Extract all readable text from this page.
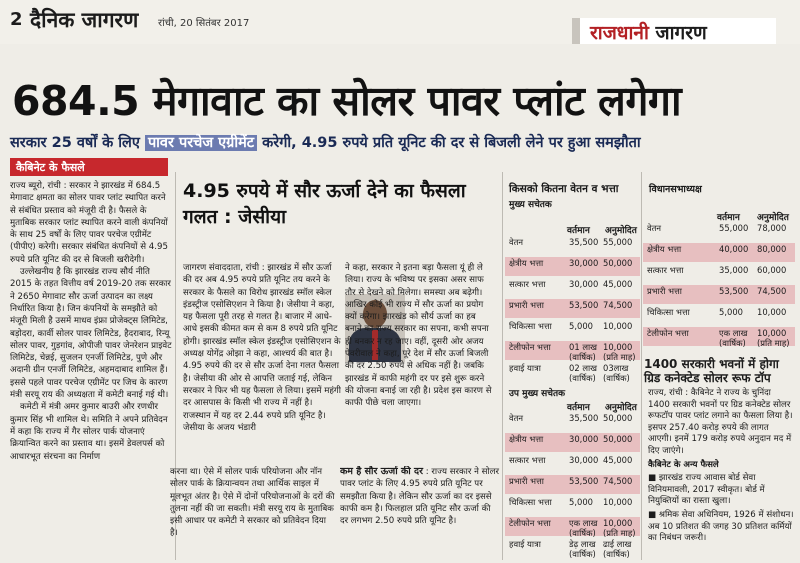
2 दैनिक जागरण रांची, 20 सितंबर 2017	राजधानी जागरण
684.5 मेगावाट का सोलर पावर प्लांट लगेगा
सरकार 25 वर्षों के लिए पावर परचेज एग्रीमेंट करेगी, 4.95 रुपये प्रति यूनिट की दर से बिजली लेने पर हुआ समझौता
कैबिनेट के फैसले

राज्य ब्यूरो, रांची : सरकार ने झारखंड में 684.5 मेगावाट क्षमता का सोलर पावर प्लांट स्थापित करने से संबंधित प्रस्ताव को मंजूरी दी है। फैसले के मुताबिक सरकार प्लांट स्थापित करने वाली कंपनियों के साथ 25 वर्षों के लिए पावर परचेज एग्रीमेंट (पीपीए) करेगी। सरकार संबंधित कंपनियों से 4.95 रुपये प्रति यूनिट की दर से बिजली खरीदेगी।

उल्लेखनीय है कि झारखंड राज्य सौर्य नीति 2015 के तहत वित्तीय वर्ष 2019-20 तक सरकार ने 2650 मेगावाट सौर ऊर्जा उत्पादन का लक्ष्य निर्धारित किया है। जिन कंपनियों के समझौते को मंजूरी मिली है उसमें माधव इंफ्रा प्रोजेक्ट्स लिमिटेड, बड़ोदरा, कार्वी सोलर पावर लिमिटेड, हैदराबाद, रिन्यू सोलर पावर, गुड़गांव, ओपीजी पावर जेनरेशन प्राइवेट लिमिटेड, चेन्नई, सुजलन एनर्जी लिमिटेड, पुणे और अदानी ग्रीन एनर्जी लिमिटेड, अहमदाबाद शामिल हैं। इससे पहले पावर परचेज एग्रीमेंट पर जिच के कारण मंत्री सरयू राय की अध्यक्षता में कमेटी बनाई गई थी।

कमेटी में मंत्री अमर कुमार बाउरी और रणधीर कुमार सिंह भी शामिल थे। समिति ने अपने प्रतिवेदन में कहा कि राज्य में गैर सोलर पार्क योजनाएं क्रियान्वित करने का प्रस्ताव था। इसमें डेवलपर्स को आधारभूत संरचना का निर्माण

4.95 रुपये में सौर ऊर्जा देने का फैसला गलत : जेसीया

जागरण संवाददाता, रांची : झारखंड में सौर ऊर्जा की दर अब 4.95 रुपये प्रति यूनिट तय करने के सरकार के फैसले का विरोध झारखंड स्मॉल स्केल इंडस्ट्रीज एसोसिएशन ने किया है। जेसीया ने कहा, यह फैसला पूरी तरह से गलत है। बाजार में आधे-आधे इसकी कीमत कम से कम 8 रुपये प्रति यूनिट होगी। झारखंड स्मॉल स्केल इंडस्ट्रीज एसोसिएशन के अध्यक्ष योगेंद्र ओझा ने कहा, आश्चर्य की बात है। 4.95 रुपये की दर से सौर ऊर्जा देना गलत फैसला है। जेसीया की ओर से आपत्ति जताई गई, लेकिन सरकार ने फिर भी यह फैसला ले लिया। इसमें महंगी दर आसपास के किसी भी राज्य में नहीं है। राजस्थान में यह दर 2.44 रुपये प्रति यूनिट है। जेसीया के अजय भंडारी

ने कहा, सरकार ने इतना बड़ा फैसला यूं ही ले लिया। राज्य के भविष्य पर इसका असर साफ तौर से देखने को मिलेगा। समस्या अब बढ़ेगी। आखिर कोई भी राज्य में सौर ऊर्जा का प्रयोग क्यों करेगा। झारखंड को सौर्य ऊर्जा का हब बनाने का राज्य सरकार का सपना, कभी सपना ही बनकर न रह जाए। वहीं, दूसरी ओर अजय पेवरीवाल ने कहा, पूरे देश में सौर ऊर्जा बिजली की दर 2.50 रुपये से अधिक नहीं है। जबकि झारखंड में काफी महंगी दर पर इसे शुरू करने की योजना बनाई जा रही है। प्रदेश इस कारण से काफी पीछे चला जाएगा।

करना था। ऐसे में सोलर पार्क परियोजना और नॉन सोलर पार्क के क्रियान्वयन तथा आर्थिक साइल में मूलभूत अंतर है। ऐसे में दोनों परियोजनाओं के दरों की तुलना नहीं की जा सकती। मंत्री सरयू राय के मुताबिक इसी आधार पर कमेटी ने सरकार को प्रतिवेदन दिया है।

कम है सौर ऊर्जा की दर : राज्य सरकार ने सोलर पावर प्लांट के लिए 4.95 रुपये प्रति यूनिट पर समझौता किया है। लेकिन सौर ऊर्जा का दर इससे काफी कम है। फिलहाल प्रति यूनिट सौर ऊर्जा की दर लगभग 2.50 रुपये प्रति यूनिट है।

किसको कितना वेतन व भत्ता
मुख्य सचेतक
वर्तमान अनुमोदित
वेतन	35,500 55,000
क्षेत्रीय भत्ता	30,000 50,000
सत्कार भत्ता	30,000 45,000
प्रभारी भत्ता	53,500 74,500
चिकित्सा भत्ता 5,000 10,000
टेलीफोन भत्ता 01 लाख (वार्षिक)
10,000 (प्रति माह)
हवाई यात्रा	02 लाख (वार्षिक)
03लाख (वार्षिक)
उप मुख्य सचेतक
वर्तमान अनुमोदित
वेतन	35,500 50,000
क्षेत्रीय भत्ता	30,000 50,000
सत्कार भत्ता	30,000 45,000
प्रभारी भत्ता	53,500 74,500
चिकित्सा भत्ता 5,000 10,000
टेलीफोन भत्ता एक लाख (वार्षिक)
10,000 (प्रति माह)
हवाई यात्रा	डेढ़ लाख (वार्षिक)
ढाई लाख (वार्षिक)
विधानसभाध्यक्ष
वर्तमान अनुमोदित
वेतन	55,000 78,000
क्षेत्रीय भत्ता	40,000 80,000
सत्कार भत्ता	35,000 60,000
प्रभारी भत्ता	53,500 74,500
चिकित्सा भत्ता	5,000 10,000
टेलीफोन भत्ता	एक लाख (वार्षिक)
10,000 (प्रति माह)
1400 सरकारी भवनों में होगा ग्रिड कनेक्टेड सोलर रूफ टॉप

राज्य, रांची : कैबिनेट ने राज्य के चुनिंदा 1400 सरकारी भवनों पर ग्रिड कनेक्टेड सोलर रूफटॉप पावर प्लांट लगाने का फैसला लिया है। इसपर 257.40 करोड़ रुपये की लागत आएगी। इनमें 179 करोड़ रुपये अनुदान मद में दिए जाएंगे।

कैबिनेट के अन्य फैसले

■ झारखंड राज्य आवास बोर्ड सेवा विनियमावली, 2017 स्वीकृत। बोर्ड में नियुक्तियों का रास्ता खुला।

■ श्रमिक सेवा अधिनियम, 1926 में संशोधन। अब 10 प्रतिशत की जगह 30 प्रतिशत कर्मियों का निबंधन जरूरी।
